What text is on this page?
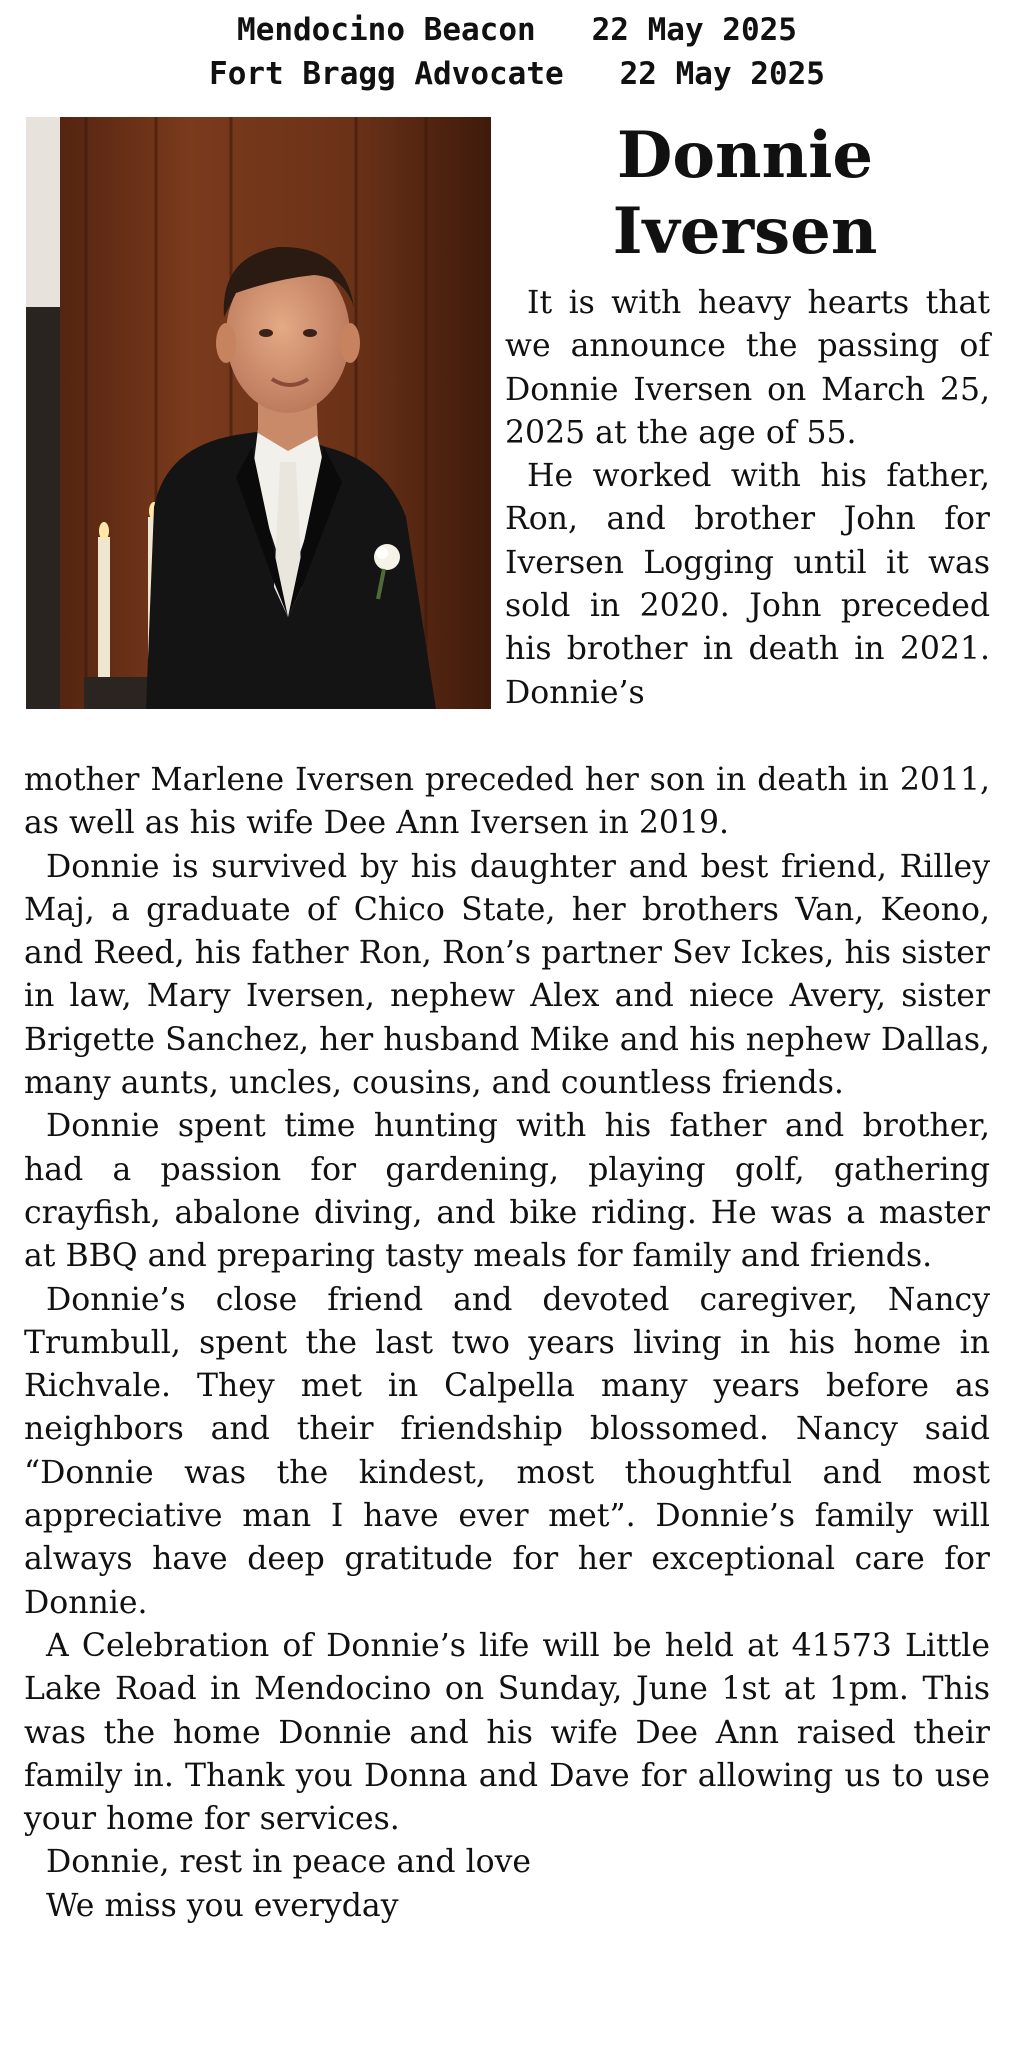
Mendocino Beacon   22 May 2025
Fort Bragg Advocate   22 May 2025
Donnie
Iversen

It is with heavy hearts that we announce the passing of Donnie Iversen on March 25, 2025 at the age of 55.

He worked with his father, Ron, and brother John for Iversen Logging until it was sold in 2020. John preceded his brother in death in 2021. Donnie’s

mother Marlene Iversen preceded her son in death in 2011, as well as his wife Dee Ann Iversen in 2019.

Donnie is survived by his daughter and best friend, Rilley Maj, a graduate of Chico State, her brothers Van, Keono, and Reed, his father Ron, Ron’s partner Sev Ickes, his sister in law, Mary Iversen, nephew Alex and niece Avery, sister Brigette Sanchez, her husband Mike and his nephew Dallas, many aunts, uncles, cousins, and countless friends.

Donnie spent time hunting with his father and brother, had a passion for gardening, playing golf, gathering crayfish, abalone diving, and bike riding. He was a master at BBQ and preparing tasty meals for family and friends.

Donnie’s close friend and devoted caregiver, Nancy Trumbull, spent the last two years living in his home in Richvale. They met in Calpella many years before as neighbors and their friendship blossomed. Nancy said “Donnie was the kindest, most thoughtful and most appreciative man I have ever met”. Donnie’s family will always have deep gratitude for her exceptional care for Donnie.

A Celebration of Donnie’s life will be held at 41573 Little Lake Road in Mendocino on Sunday, June 1st at 1pm. This was the home Donnie and his wife Dee Ann raised their family in. Thank you Donna and Dave for allowing us to use your home for services.

Donnie, rest in peace and love

We miss you everyday
